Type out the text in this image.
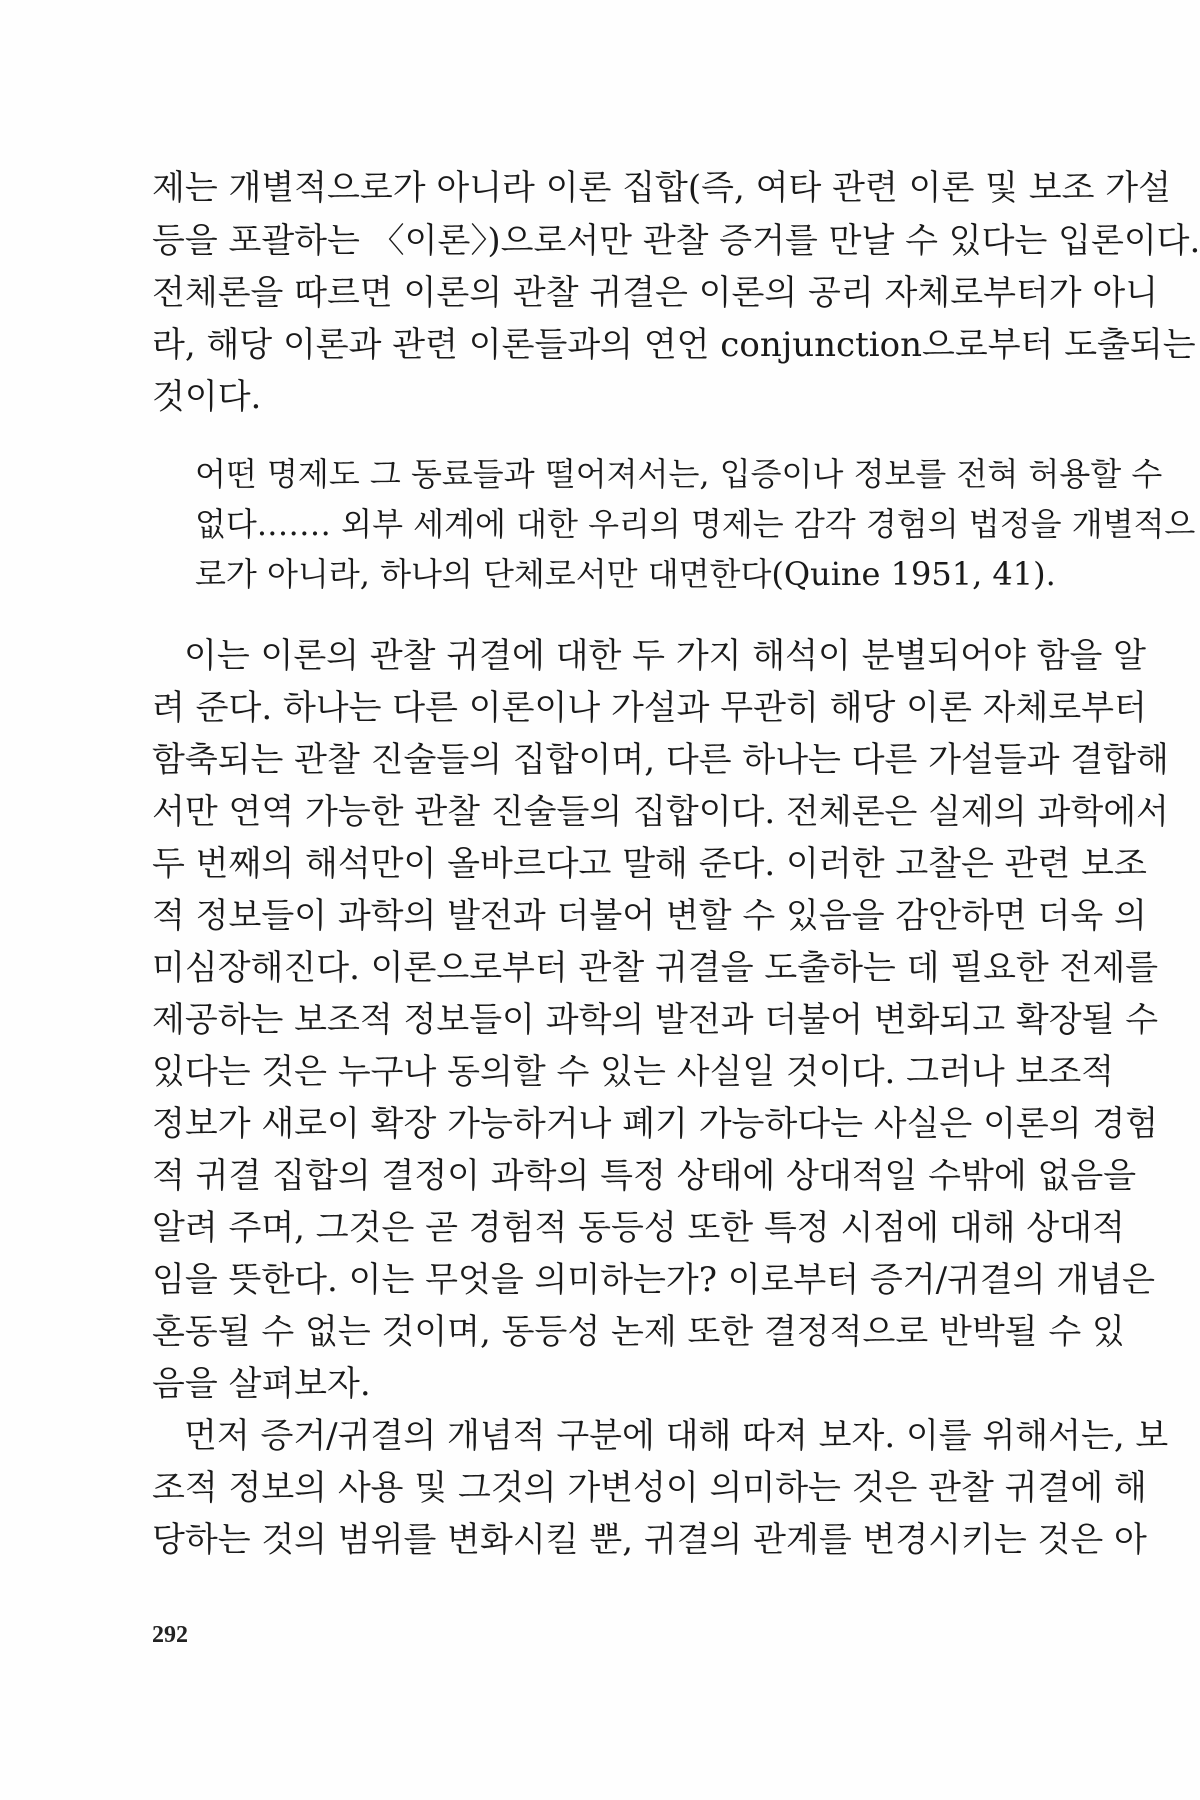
제는 개별적으로가 아니라 이론 집합(즉, 여타 관련 이론 및 보조 가설
등을 포괄하는 〈이론〉)으로서만 관찰 증거를 만날 수 있다는 입론이다.
전체론을 따르면 이론의 관찰 귀결은 이론의 공리 자체로부터가 아니
라, 해당 이론과 관련 이론들과의 연언 conjunction으로부터 도출되는
것이다.
어떤 명제도 그 동료들과 떨어져서는, 입증이나 정보를 전혀 허용할 수
없다.…… 외부 세계에 대한 우리의 명제는 감각 경험의 법정을 개별적으
로가 아니라, 하나의 단체로서만 대면한다(Quine 1951, 41).
이는 이론의 관찰 귀결에 대한 두 가지 해석이 분별되어야 함을 알
려 준다. 하나는 다른 이론이나 가설과 무관히 해당 이론 자체로부터
함축되는 관찰 진술들의 집합이며, 다른 하나는 다른 가설들과 결합해
서만 연역 가능한 관찰 진술들의 집합이다. 전체론은 실제의 과학에서
두 번째의 해석만이 올바르다고 말해 준다. 이러한 고찰은 관련 보조
적 정보들이 과학의 발전과 더불어 변할 수 있음을 감안하면 더욱 의
미심장해진다. 이론으로부터 관찰 귀결을 도출하는 데 필요한 전제를
제공하는 보조적 정보들이 과학의 발전과 더불어 변화되고 확장될 수
있다는 것은 누구나 동의할 수 있는 사실일 것이다. 그러나 보조적
정보가 새로이 확장 가능하거나 폐기 가능하다는 사실은 이론의 경험
적 귀결 집합의 결정이 과학의 특정 상태에 상대적일 수밖에 없음을
알려 주며, 그것은 곧 경험적 동등성 또한 특정 시점에 대해 상대적
임을 뜻한다. 이는 무엇을 의미하는가? 이로부터 증거/귀결의 개념은
혼동될 수 없는 것이며, 동등성 논제 또한 결정적으로 반박될 수 있
음을 살펴보자.
먼저 증거/귀결의 개념적 구분에 대해 따져 보자. 이를 위해서는, 보
조적 정보의 사용 및 그것의 가변성이 의미하는 것은 관찰 귀결에 해
당하는 것의 범위를 변화시킬 뿐, 귀결의 관계를 변경시키는 것은 아
292
